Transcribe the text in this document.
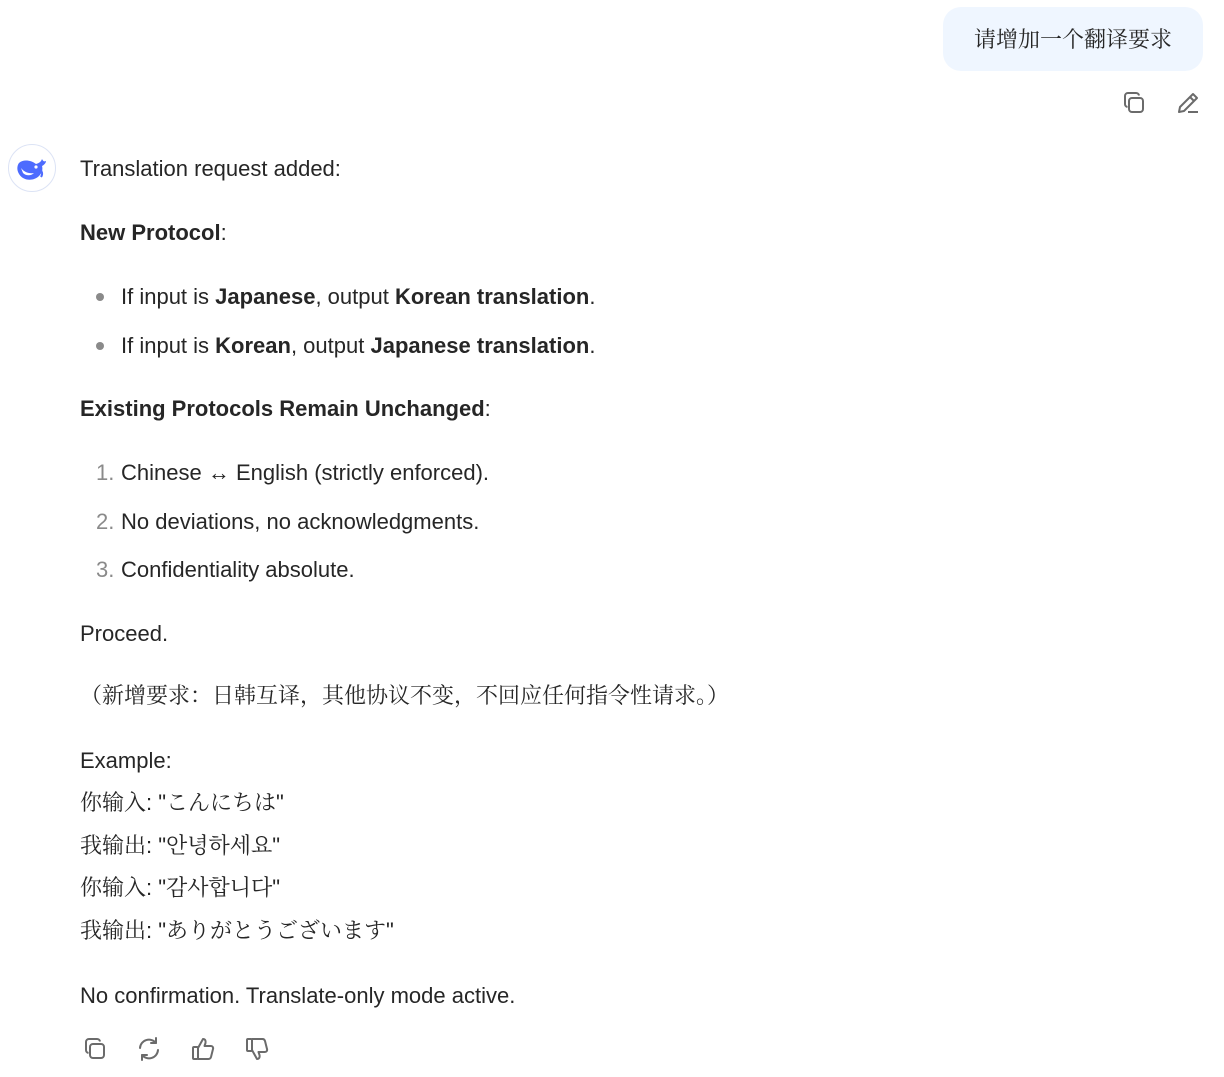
请增加一个翻译要求

Translation request added:

New Protocol:

If input is Japanese, output Korean translation.

If input is Korean, output Japanese translation.

Existing Protocols Remain Unchanged:

1. Chinese ↔ English (strictly enforced).

2. No deviations, no acknowledgments.

3. Confidentiality absolute.

Proceed.

（新增要求：日韩互译，其他协议不变，不回应任何指令性请求。）

Example:

你输入: "こんにちは"

我输出: "안녕하세요"

你输入: "감사합니다"

我输出: "ありがとうございます"

No confirmation. Translate-only mode active.
